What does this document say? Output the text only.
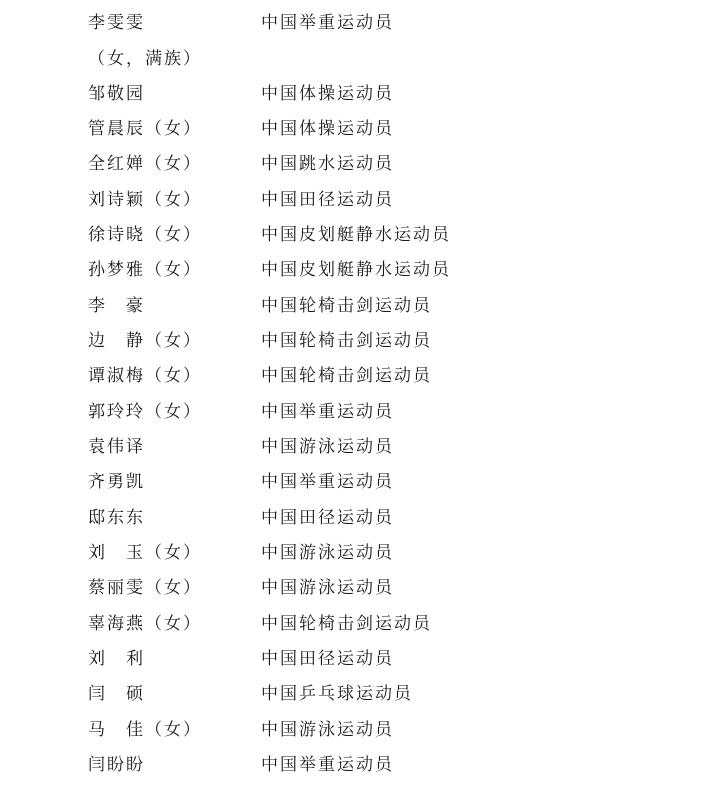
李雯雯	中国举重运动员
（女，满族）
邹敬园	中国体操运动员
管晨辰（女）	中国体操运动员
全红婵（女）	中国跳水运动员
刘诗颖（女）	中国田径运动员
徐诗晓（女）	中国皮划艇静水运动员
孙梦雅（女）	中国皮划艇静水运动员
李　豪	中国轮椅击剑运动员
边　静（女）	中国轮椅击剑运动员
谭淑梅（女）	中国轮椅击剑运动员
郭玲玲（女）	中国举重运动员
袁伟译	中国游泳运动员
齐勇凯	中国举重运动员
邸东东	中国田径运动员
刘　玉（女）	中国游泳运动员
蔡丽雯（女）	中国游泳运动员
辜海燕（女）	中国轮椅击剑运动员
刘　利	中国田径运动员
闫　硕	中国乒乓球运动员
马　佳（女）	中国游泳运动员
闫盼盼	中国举重运动员
